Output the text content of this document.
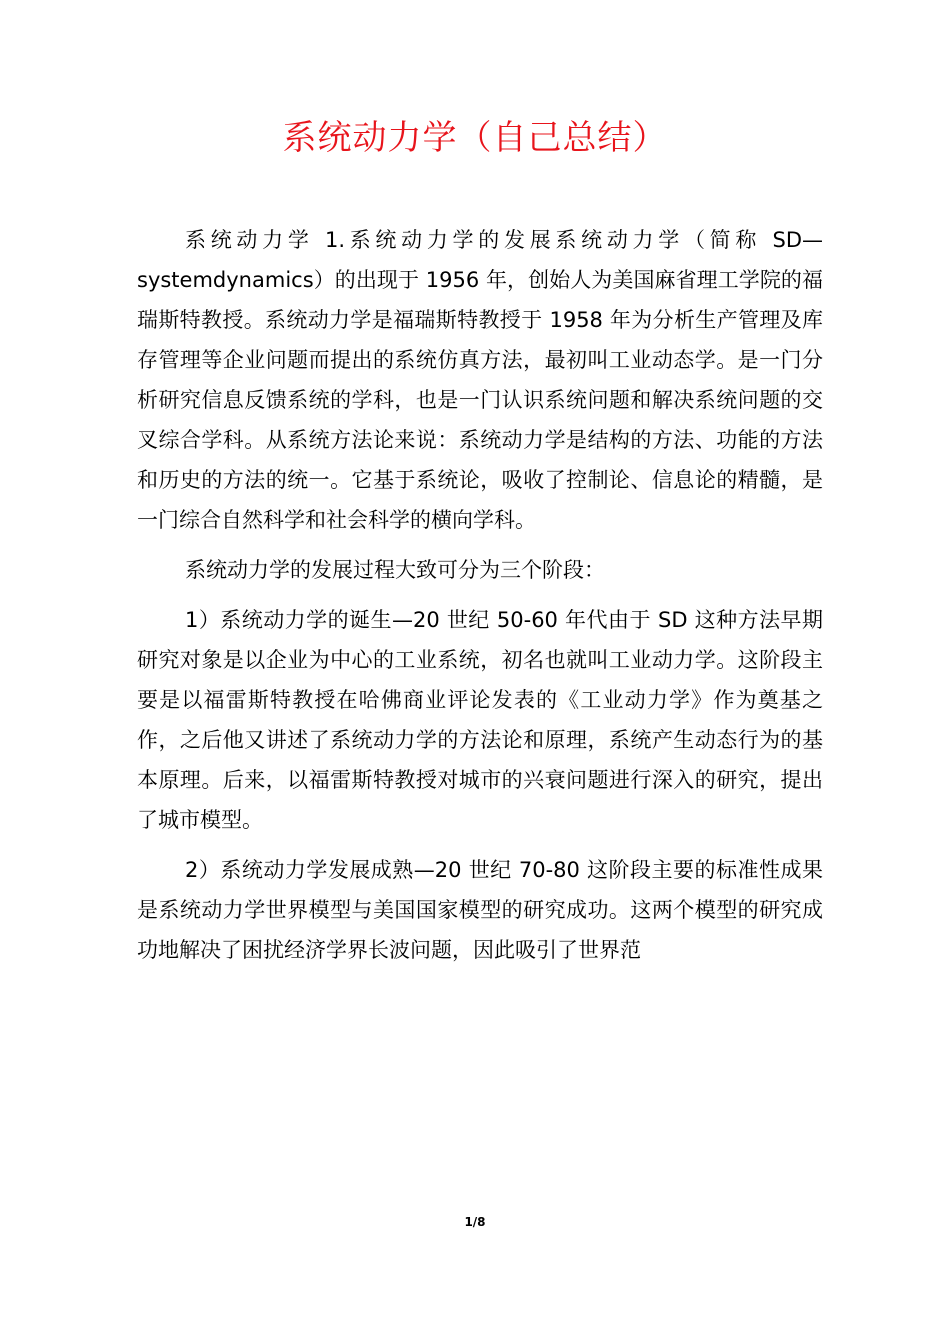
系统动力学（自己总结）

系统动力学 1.系统动力学的发展系统动力学（简称 SD—systemdynamics）的出现于 1956 年，创始人为美国麻省理工学院的福瑞斯特教授。系统动力学是福瑞斯特教授于 1958 年为分析生产管理及库存管理等企业问题而提出的系统仿真方法，最初叫工业动态学。是一门分析研究信息反馈系统的学科，也是一门认识系统问题和解决系统问题的交叉综合学科。从系统方法论来说：系统动力学是结构的方法、功能的方法和历史的方法的统一。它基于系统论，吸收了控制论、信息论的精髓，是一门综合自然科学和社会科学的横向学科。

系统动力学的发展过程大致可分为三个阶段：

1）系统动力学的诞生—20 世纪 50-60 年代由于 SD 这种方法早期研究对象是以企业为中心的工业系统，初名也就叫工业动力学。这阶段主要是以福雷斯特教授在哈佛商业评论发表的《工业动力学》作为奠基之作，之后他又讲述了系统动力学的方法论和原理，系统产生动态行为的基本原理。后来，以福雷斯特教授对城市的兴衰问题进行深入的研究，提出了城市模型。

2）系统动力学发展成熟—20 世纪 70-80 这阶段主要的标准性成果是系统动力学世界模型与美国国家模型的研究成功。这两个模型的研究成功地解决了困扰经济学界长波问题，因此吸引了世界范

1/8
